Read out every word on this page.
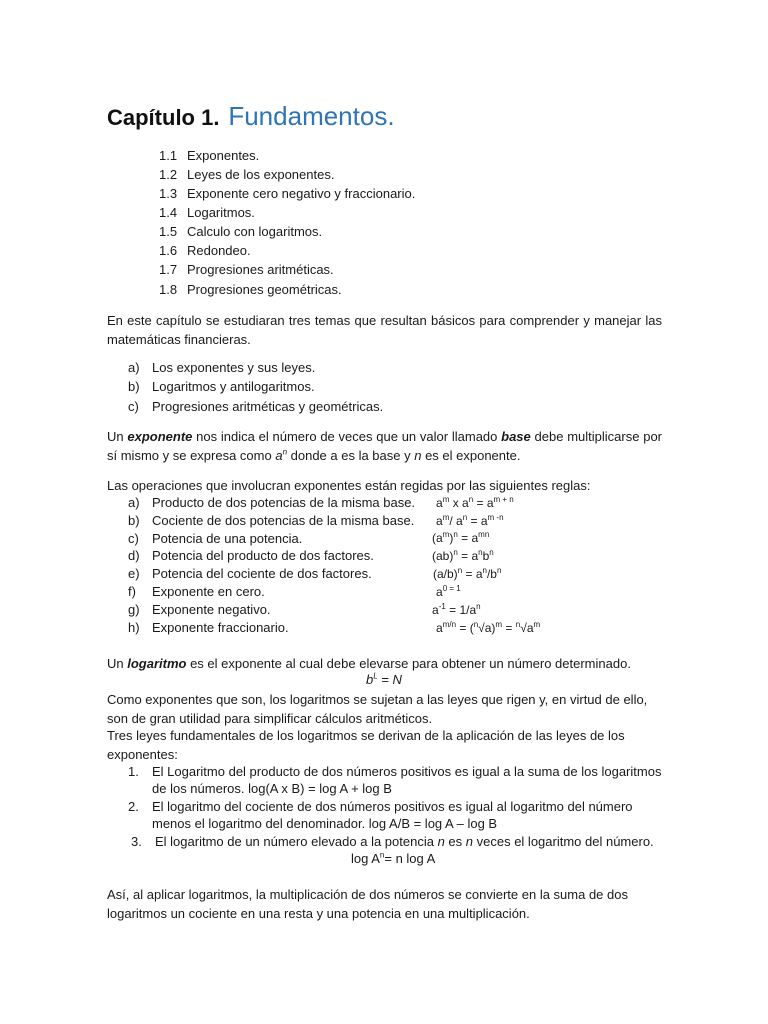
Capítulo 1. Fundamentos.
1.1 Exponentes.
1.2 Leyes de los exponentes.
1.3 Exponente cero negativo y fraccionario.
1.4 Logaritmos.
1.5 Calculo con logaritmos.
1.6 Redondeo.
1.7 Progresiones aritméticas.
1.8 Progresiones geométricas.

En este capítulo se estudiaran tres temas que resultan básicos para comprender y manejar las matemáticas financieras.

a) Los exponentes y sus leyes.
b) Logaritmos y antilogaritmos.
c) Progresiones aritméticas y geométricas.

Un exponente nos indica el número de veces que un valor llamado base debe multiplicarse por sí mismo y se expresa como $a^n$ donde a es la base y n es el exponente.

Las operaciones que involucran exponentes están regidas por las siguientes reglas:

a) Producto de dos potencias de la misma base.
b) Cociente de dos potencias de la misma base.
c) Potencia de una potencia.
d) Potencia del producto de dos factores.
e) Potencia del cociente de dos factores.
f) Exponente en cero.
g) Exponente negativo.
h) Exponente fraccionario.
$a^m$ x $a^n = a^{m + n}$
$a^m/$ $a^n = a^{m -n}$
$(a^m)^n = a^{mn}$
$(ab)^n = a^nb^n$
$(a/b)^n = a^n/b^n$
$a^{0 = 1}$
$a^{-1} = 1/a^n$
$a^{m/n} = (^n√a)^m = ^n√a^m$

Un logaritmo es el exponente al cual debe elevarse para obtener un número determinado.

$b^L = N$

Como exponentes que son, los logaritmos se sujetan a las leyes que rigen y, en virtud de ello, son de gran utilidad para simplificar cálculos aritméticos.

Tres leyes fundamentales de los logaritmos se derivan de la aplicación de las leyes de los exponentes:

1. El Logaritmo del producto de dos números positivos es igual a la suma de los logaritmos de los números. log(A x B) = log A + log B
2. El logaritmo del cociente de dos números positivos es igual al logaritmo del número menos el logaritmo del denominador. log A/B = log A – log B
3. El logaritmo de un número elevado a la potencia n es n veces el logaritmo del número.
$\log A^n= n$ log A

Así, al aplicar logaritmos, la multiplicación de dos números se convierte en la suma de dos logaritmos un cociente en una resta y una potencia en una multiplicación.
